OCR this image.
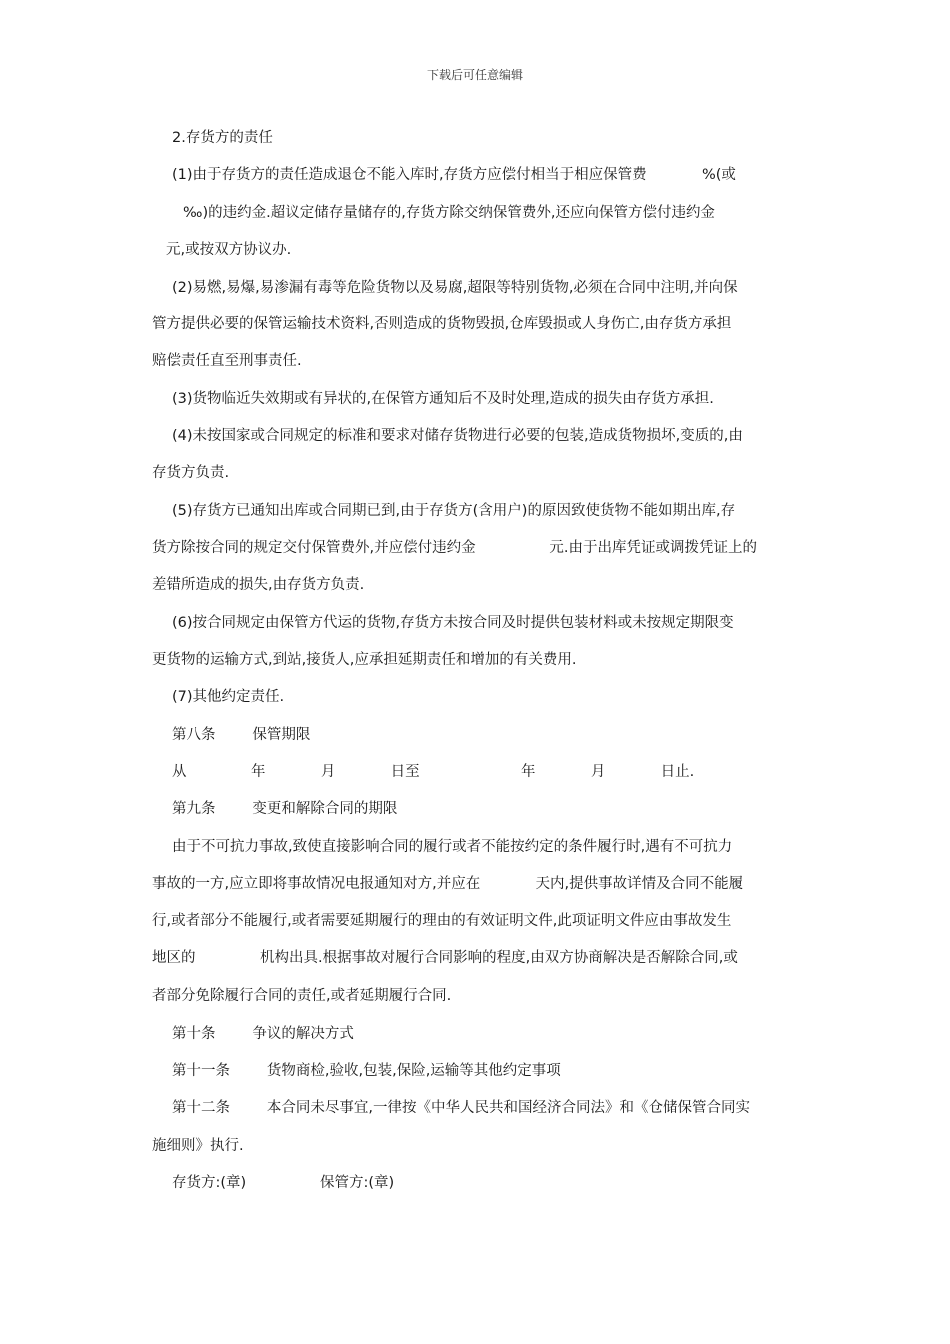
下载后可任意编辑
2.存货方的责任
(1)由于存货方的责任造成退仓不能入库时,存货方应偿付相当于相应保管费            %(或
‰)的违约金.超议定储存量储存的,存货方除交纳保管费外,还应向保管方偿付违约金
元,或按双方协议办.
(2)易燃,易爆,易渗漏有毒等危险货物以及易腐,超限等特别货物,必须在合同中注明,并向保
管方提供必要的保管运输技术资料,否则造成的货物毁损,仓库毁损或人身伤亡,由存货方承担
赔偿责任直至刑事责任.
(3)货物临近失效期或有异状的,在保管方通知后不及时处理,造成的损失由存货方承担.
(4)未按国家或合同规定的标准和要求对储存货物进行必要的包装,造成货物损坏,变质的,由
存货方负责.
(5)存货方已通知出库或合同期已到,由于存货方(含用户)的原因致使货物不能如期出库,存
货方除按合同的规定交付保管费外,并应偿付违约金                元.由于出库凭证或调拨凭证上的
差错所造成的损失,由存货方负责.
(6)按合同规定由保管方代运的货物,存货方未按合同及时提供包装材料或未按规定期限变
更货物的运输方式,到站,接货人,应承担延期责任和增加的有关费用.
(7)其他约定责任.
第八条        保管期限
从              年            月            日至                      年            月            日止.
第九条        变更和解除合同的期限
由于不可抗力事故,致使直接影响合同的履行或者不能按约定的条件履行时,遇有不可抗力
事故的一方,应立即将事故情况电报通知对方,并应在            天内,提供事故详情及合同不能履
行,或者部分不能履行,或者需要延期履行的理由的有效证明文件,此项证明文件应由事故发生
地区的              机构出具.根据事故对履行合同影响的程度,由双方协商解决是否解除合同,或
者部分免除履行合同的责任,或者延期履行合同.
第十条        争议的解决方式
第十一条        货物商检,验收,包装,保险,运输等其他约定事项
第十二条        本合同未尽事宜,一律按《中华人民共和国经济合同法》和《仓储保管合同实
施细则》执行.
存货方:(章)                保管方:(章)
